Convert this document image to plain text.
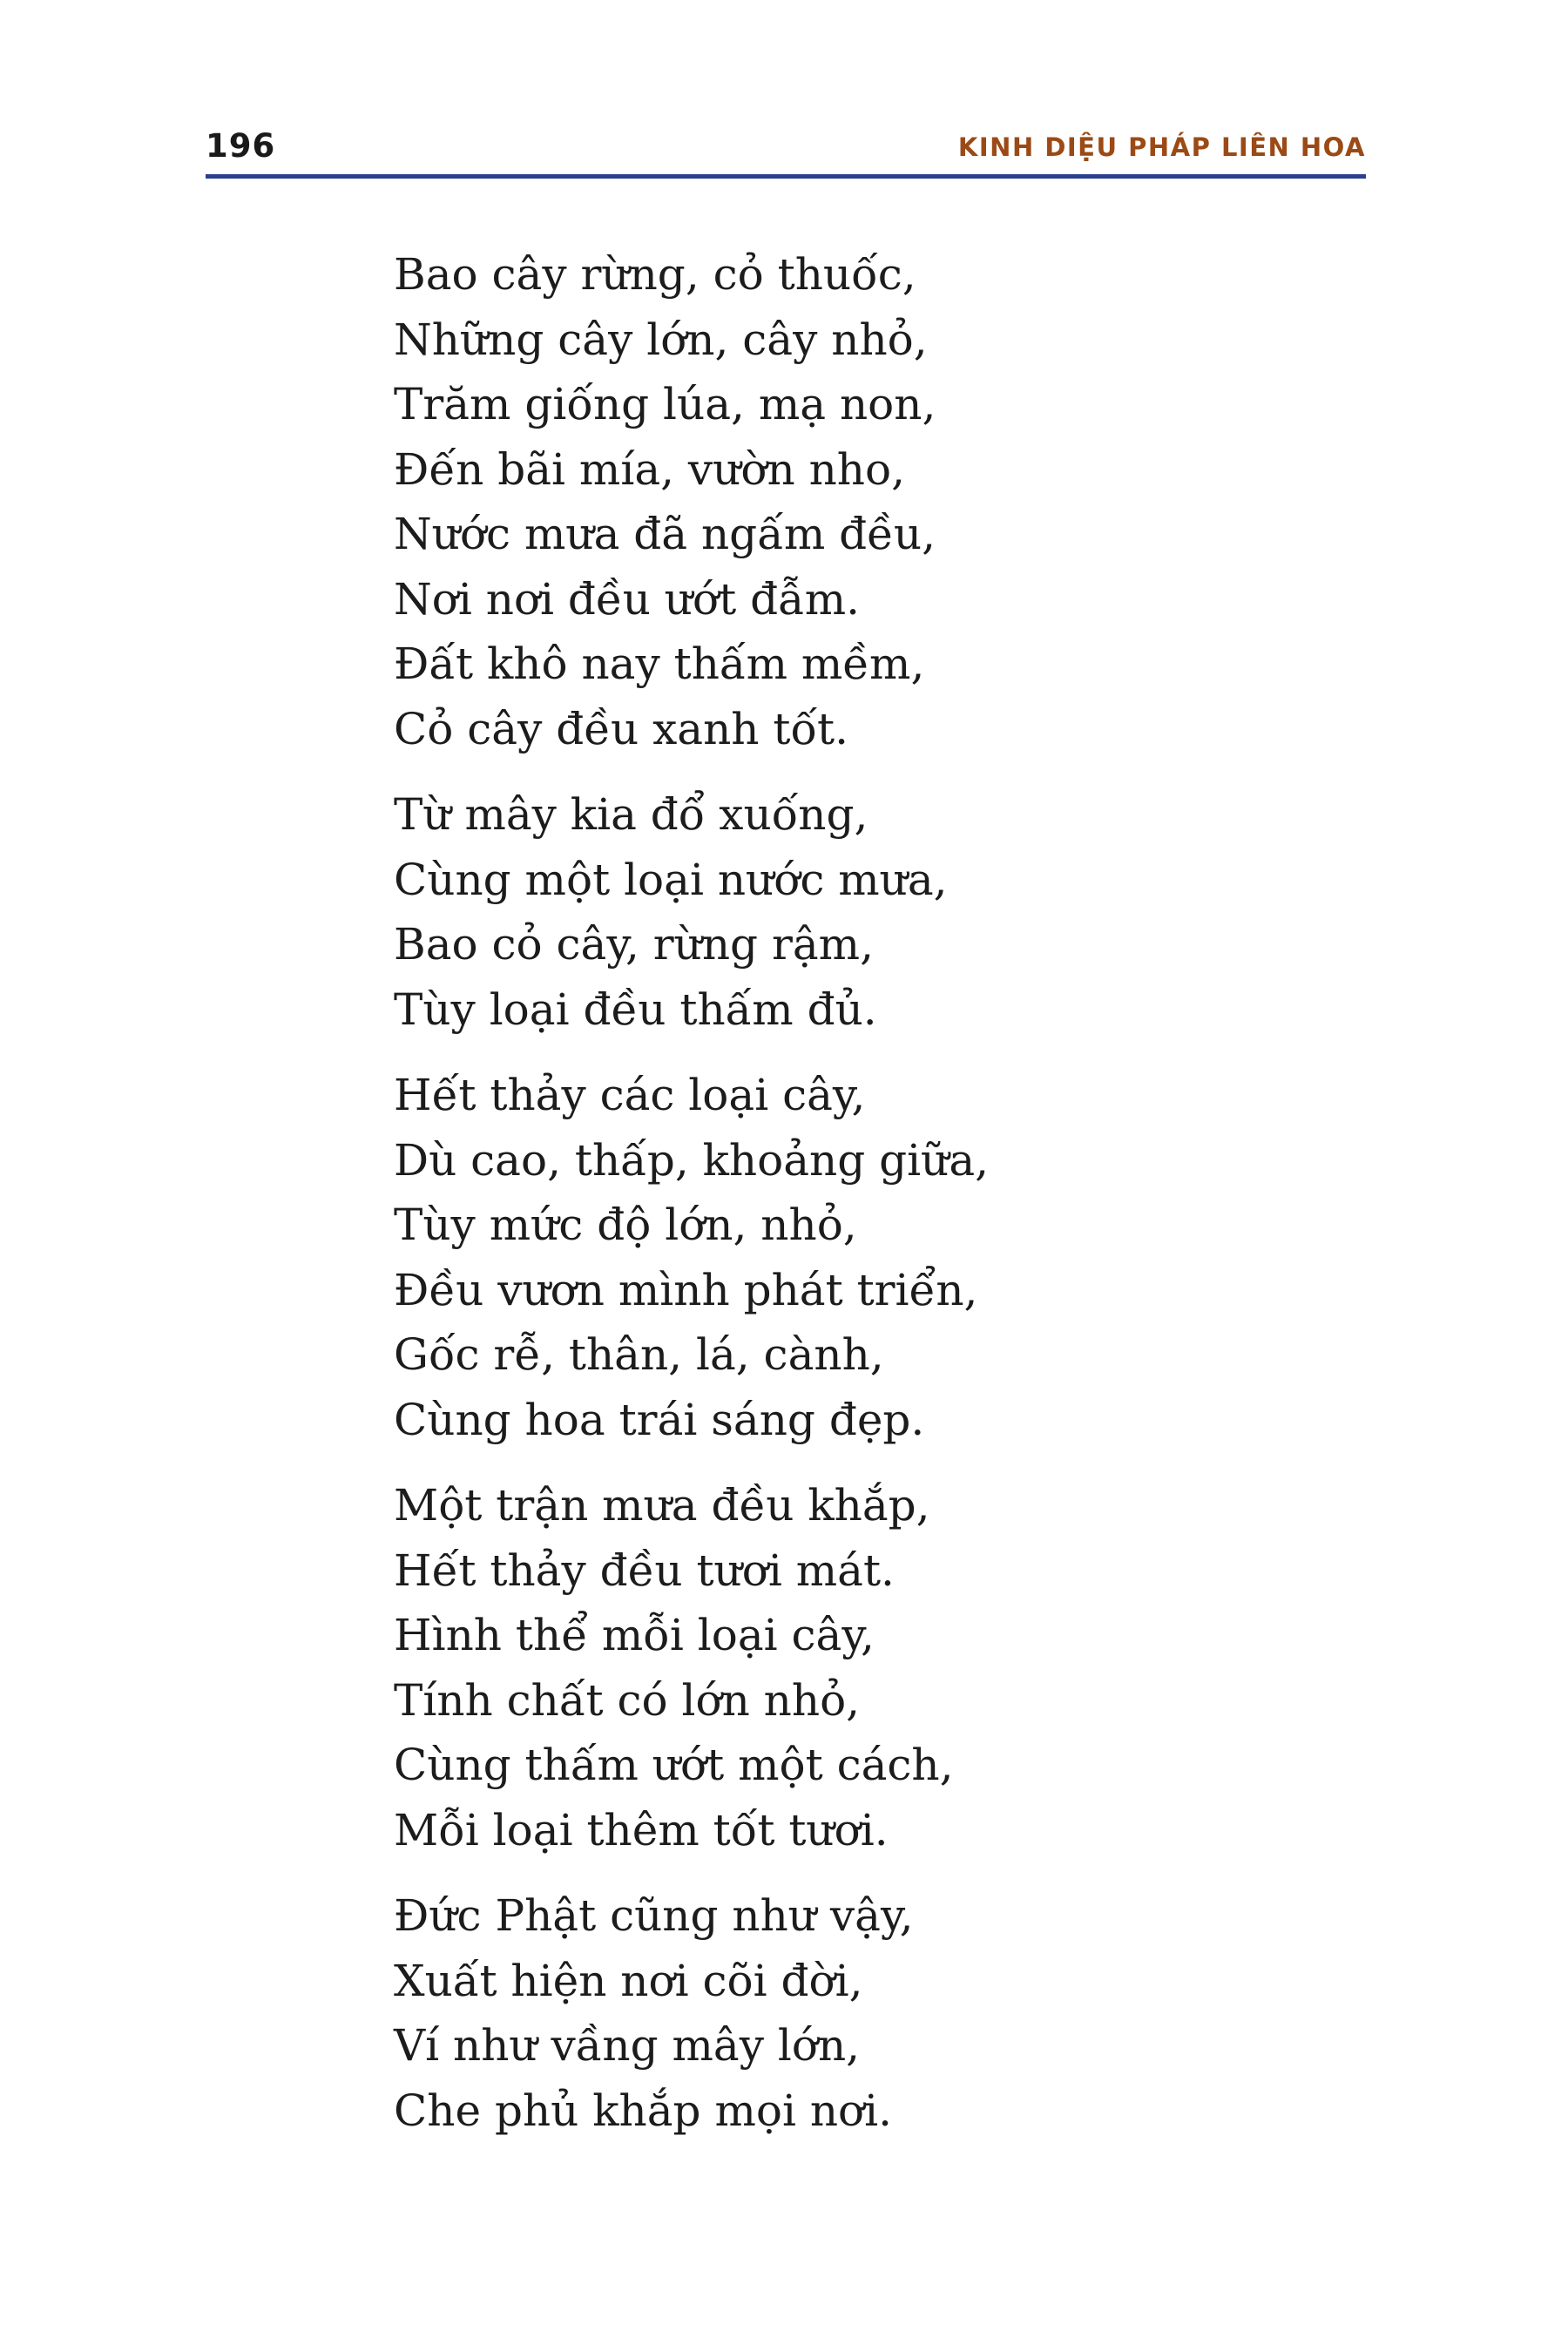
196	KINH DIỆU PHÁP LIÊN HOA
Bao cây rừng, cỏ thuốc,
Những cây lớn, cây nhỏ,
Trăm giống lúa, mạ non,
Đến bãi mía, vườn nho,
Nước mưa đã ngấm đều,
Nơi nơi đều ướt đẫm.
Đất khô nay thấm mềm,
Cỏ cây đều xanh tốt.
Từ mây kia đổ xuống,
Cùng một loại nước mưa,
Bao cỏ cây, rừng rậm,
Tùy loại đều thấm đủ.
Hết thảy các loại cây,
Dù cao, thấp, khoảng giữa,
Tùy mức độ lớn, nhỏ,
Đều vươn mình phát triển,
Gốc rễ, thân, lá, cành,
Cùng hoa trái sáng đẹp.
Một trận mưa đều khắp,
Hết thảy đều tươi mát.
Hình thể mỗi loại cây,
Tính chất có lớn nhỏ,
Cùng thấm ướt một cách,
Mỗi loại thêm tốt tươi.
Đức Phật cũng như vậy,
Xuất hiện nơi cõi đời,
Ví như vầng mây lớn,
Che phủ khắp mọi nơi.
